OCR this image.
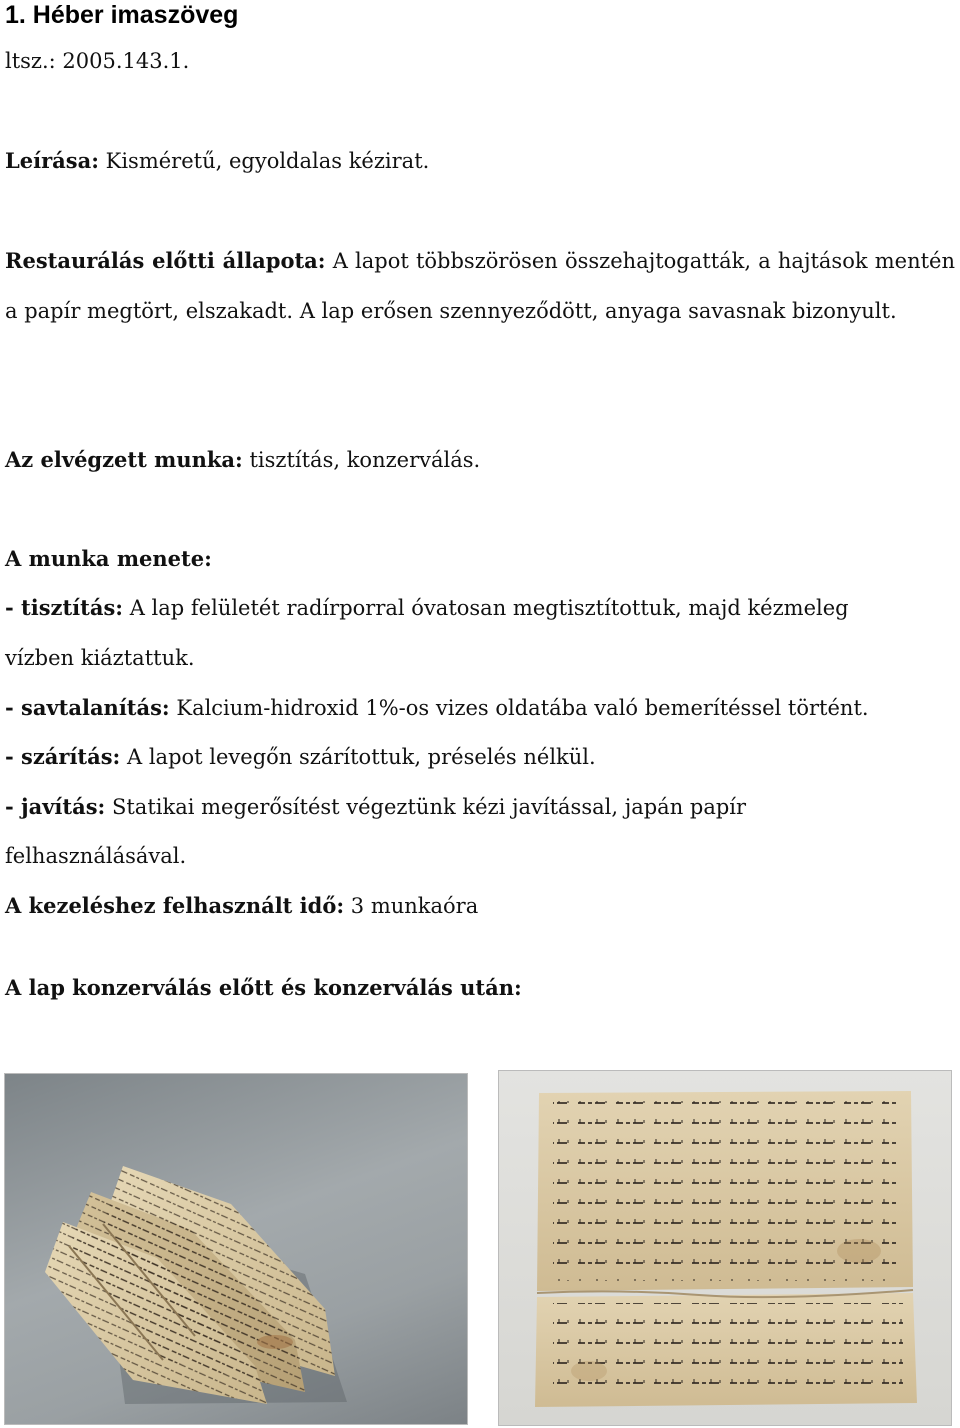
1. Héber imaszöveg

ltsz.: 2005.143.1.

Leírása: Kisméretű, egyoldalas kézirat.

Restaurálás előtti állapota: A lapot többszörösen összehajtogatták, a hajtások mentén a papír megtört, elszakadt. A lap erősen szennyeződött, anyaga savasnak bizonyult.

Az elvégzett munka: tisztítás, konzerválás.

A munka menete:

- tisztítás: A lap felületét radírporral óvatosan megtisztítottuk, majd kézmeleg

vízben kiáztattuk.

- savtalanítás: Kalcium-hidroxid 1%-os vizes oldatába való bemerítéssel történt.

- szárítás: A lapot levegőn szárítottuk, préselés nélkül.

- javítás: Statikai megerősítést végeztünk kézi javítással, japán papír

felhasználásával.

A kezeléshez felhasznált idő: 3 munkaóra

A lap konzerválás előtt és konzerválás után:
